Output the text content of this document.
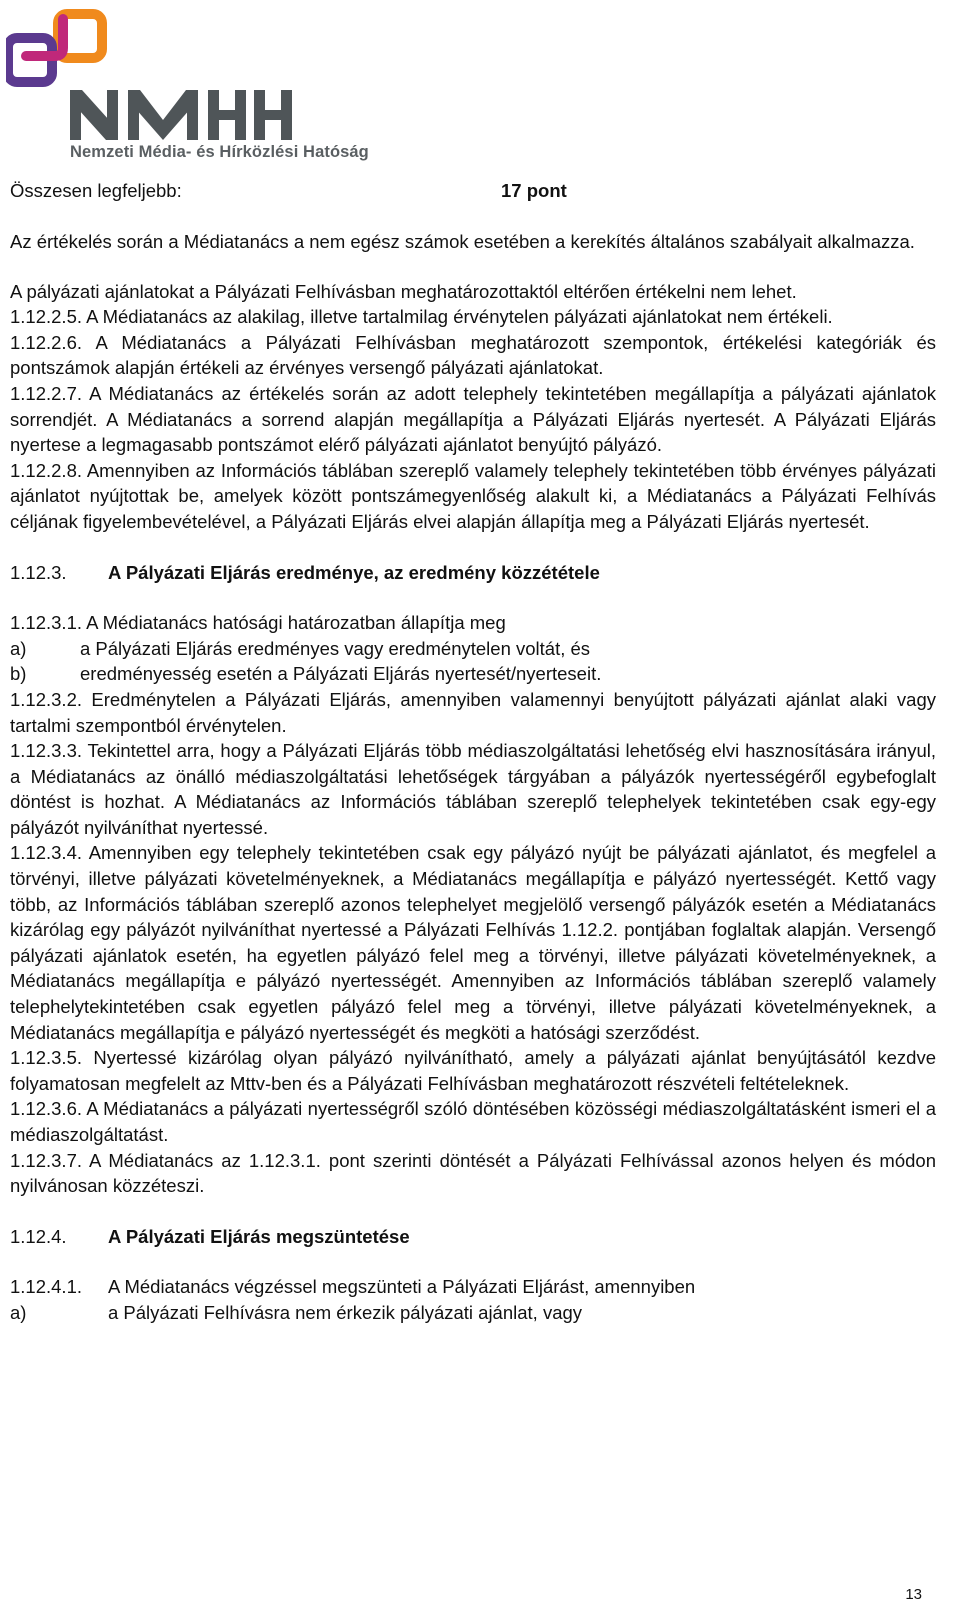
Nemzeti Média- és Hírközlési Hatóság
Összesen legfeljebb:	17 pont

Az értékelés során a Médiatanács a nem egész számok esetében a kerekítés általános szabályait alkalmazza.

A pályázati ajánlatokat a Pályázati Felhívásban meghatározottaktól eltérően értékelni nem lehet.

1.12.2.5. A Médiatanács az alakilag, illetve tartalmilag érvénytelen pályázati ajánlatokat nem értékeli.

1.12.2.6. A Médiatanács a Pályázati Felhívásban meghatározott szempontok, értékelési kategóriák és pontszámok alapján értékeli az érvényes versengő pályázati ajánlatokat.

1.12.2.7. A Médiatanács az értékelés során az adott telephely tekintetében megállapítja a pályázati ajánlatok sorrendjét. A Médiatanács a sorrend alapján megállapítja a Pályázati Eljárás nyertesét. A Pályázati Eljárás nyertese a legmagasabb pontszámot elérő pályázati ajánlatot benyújtó pályázó.

1.12.2.8. Amennyiben az Információs táblában szereplő valamely telephely tekintetében több érvényes pályázati ajánlatot nyújtottak be, amelyek között pontszámegyenlőség alakult ki, a Médiatanács a Pályázati Felhívás céljának figyelembevételével, a Pályázati Eljárás elvei alapján állapítja meg a Pályázati Eljárás nyertesét.

1.12.3. A Pályázati Eljárás eredménye, az eredmény közzététele

1.12.3.1. A Médiatanács hatósági határozatban állapítja meg

a)	a Pályázati Eljárás eredményes vagy eredménytelen voltát, és
b)	eredményesség esetén a Pályázati Eljárás nyertesét/nyerteseit.

1.12.3.2. Eredménytelen a Pályázati Eljárás, amennyiben valamennyi benyújtott pályázati ajánlat alaki vagy tartalmi szempontból érvénytelen.

1.12.3.3. Tekintettel arra, hogy a Pályázati Eljárás több médiaszolgáltatási lehetőség elvi hasznosítására irányul, a Médiatanács az önálló médiaszolgáltatási lehetőségek tárgyában a pályázók nyertességéről egybefoglalt döntést is hozhat. A Médiatanács az Információs táblában szereplő telephelyek tekintetében csak egy-egy pályázót nyilváníthat nyertessé.

1.12.3.4. Amennyiben egy telephely tekintetében csak egy pályázó nyújt be pályázati ajánlatot, és megfelel a törvényi, illetve pályázati követelményeknek, a Médiatanács megállapítja e pályázó nyertességét. Kettő vagy több, az Információs táblában szereplő azonos telephelyet megjelölő versengő pályázók esetén a Médiatanács kizárólag egy pályázót nyilváníthat nyertessé a Pályázati Felhívás 1.12.2. pontjában foglaltak alapján. Versengő pályázati ajánlatok esetén, ha egyetlen pályázó felel meg a törvényi, illetve pályázati követelményeknek, a Médiatanács megállapítja e pályázó nyertességét. Amennyiben az Információs táblában szereplő valamely telephelytekintetében csak egyetlen pályázó felel meg a törvényi, illetve pályázati követelményeknek, a Médiatanács megállapítja e pályázó nyertességét és megköti a hatósági szerződést.

1.12.3.5. Nyertessé kizárólag olyan pályázó nyilvánítható, amely a pályázati ajánlat benyújtásától kezdve folyamatosan megfelelt az Mttv-ben és a Pályázati Felhívásban meghatározott részvételi feltételeknek.

1.12.3.6. A Médiatanács a pályázati nyertességről szóló döntésében közösségi médiaszolgáltatásként ismeri el a médiaszolgáltatást.

1.12.3.7. A Médiatanács az 1.12.3.1. pont szerinti döntését a Pályázati Felhívással azonos helyen és módon nyilvánosan közzéteszi.

1.12.4. A Pályázati Eljárás megszüntetése
1.12.4.1. A Médiatanács végzéssel megszünteti a Pályázati Eljárást, amennyiben
a)	a Pályázati Felhívásra nem érkezik pályázati ajánlat, vagy
13
